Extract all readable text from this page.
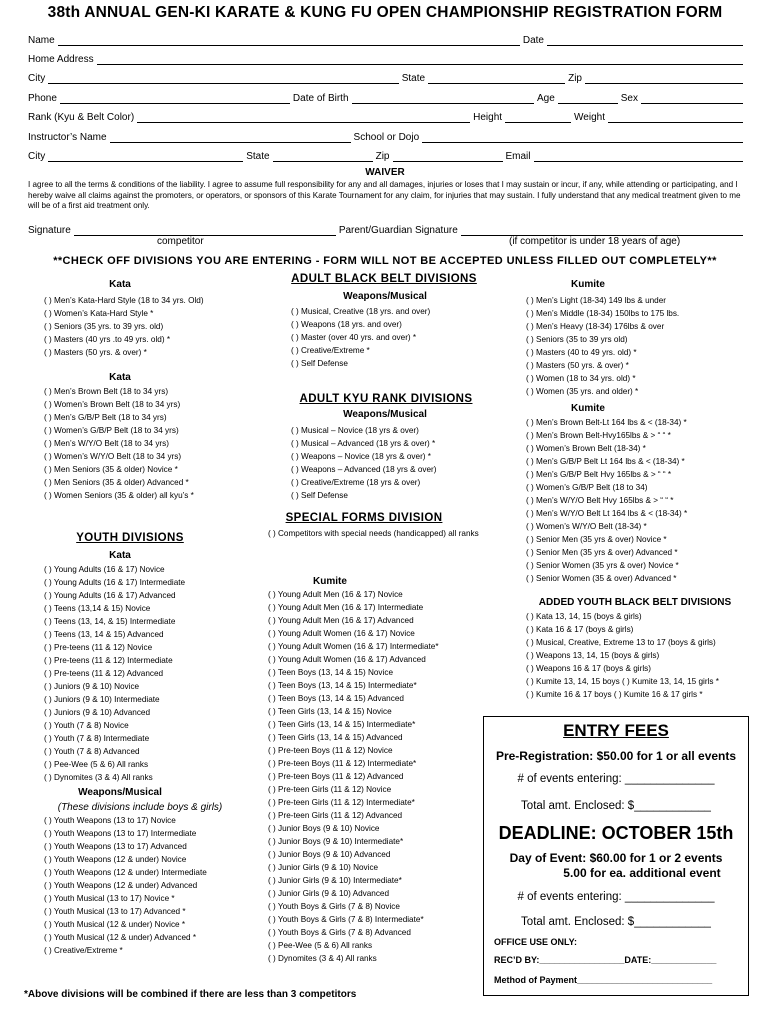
38th ANNUAL GEN-KI KARATE & KUNG FU OPEN CHAMPIONSHIP REGISTRATION FORM
Name	Date
Home Address
City	State	Zip
Phone	Date of Birth	Age	Sex
Rank (Kyu & Belt Color)	Height	Weight
Instructor’s Name	School or Dojo
City	State	Zip	Email
WAIVER
I agree to all the terms & conditions of the liability. I agree to assume full responsibility for any and all damages, injuries or loses that I may sustain or incur, if any, while attending or participating, and I hereby waive all claims against the promoters, or operators, or sponsors of this Karate Tournament for any claim, for injuries that may sustain. I fully understand that any medical treatment given to me will be of a first aid treatment only.
Signature	Parent/Guardian Signature
competitor	(if competitor is under 18 years of age)
**CHECK OFF DIVISIONS YOU ARE ENTERING - FORM WILL NOT BE ACCEPTED UNLESS FILLED OUT COMPLETELY**
Kata
( ) Men’s Kata-Hard Style (18 to 34 yrs. Old)
( ) Women’s Kata-Hard Style *
( ) Seniors (35 yrs. to 39 yrs. old)
( ) Masters (40 yrs .to 49 yrs. old) *
( ) Masters (50 yrs. & over) *
Kata
( ) Men’s Brown Belt (18 to 34 yrs)
( ) Women’s Brown Belt (18 to 34 yrs)
( ) Men’s G/B/P Belt (18 to 34 yrs)
( ) Women’s G/B/P Belt (18 to 34 yrs)
( ) Men’s W/Y/O Belt (18 to 34 yrs)
( ) Women’s W/Y/O Belt (18 to 34 yrs)
( ) Men Seniors (35 & older) Novice *
( ) Men Seniors (35 & older) Advanced *
( ) Women Seniors (35 & older) all kyu’s *
YOUTH DIVISIONS
Kata
( ) Young Adults (16 & 17) Novice
( ) Young Adults (16 & 17) Intermediate
( ) Young Adults (16 & 17) Advanced
( ) Teens (13,14 & 15) Novice
( ) Teens (13, 14, & 15) Intermediate
( ) Teens (13, 14 & 15) Advanced
( ) Pre-teens (11 & 12) Novice
( ) Pre-teens (11 & 12) Intermediate
( ) Pre-teens (11 & 12) Advanced
( ) Juniors (9 & 10) Novice
( ) Juniors (9 & 10) Intermediate
( ) Juniors (9 & 10) Advanced
( ) Youth (7 & 8) Novice
( ) Youth (7 & 8) Intermediate
( ) Youth (7 & 8) Advanced
( ) Pee-Wee (5 & 6) All ranks
( ) Dynomites (3 & 4) All ranks
Weapons/Musical
(These divisions include boys & girls)
( ) Youth Weapons (13 to 17) Novice
( ) Youth Weapons (13 to 17) Intermediate
( ) Youth Weapons (13 to 17) Advanced
( ) Youth Weapons (12 & under) Novice
( ) Youth Weapons (12 & under) Intermediate
( ) Youth Weapons (12 & under) Advanced
( ) Youth Musical (13 to 17) Novice *
( ) Youth Musical (13 to 17) Advanced *
( ) Youth Musical (12 & under) Novice *
( ) Youth Musical (12 & under) Advanced *
( ) Creative/Extreme *
ADULT BLACK BELT DIVISIONS
Weapons/Musical
( ) Musical, Creative (18 yrs. and over)
( ) Weapons (18 yrs. and over)
( ) Master (over 40 yrs. and over) *
( ) Creative/Extreme *
( ) Self Defense
ADULT KYU RANK DIVISIONS
Weapons/Musical
( ) Musical – Novice (18 yrs & over)
( ) Musical – Advanced (18 yrs & over) *
( ) Weapons – Novice (18 yrs & over) *
( ) Weapons – Advanced (18 yrs & over)
( ) Creative/Extreme (18 yrs & over)
( ) Self Defense
SPECIAL FORMS DIVISION
( ) Competitors with special needs (handicapped) all ranks
Kumite
( ) Young Adult Men (16 & 17) Novice
( ) Young Adult Men (16 & 17) Intermediate
( ) Young Adult Men (16 & 17) Advanced
( ) Young Adult Women (16 & 17) Novice
( ) Young Adult Women (16 & 17) Intermediate*
( ) Young Adult Women (16 & 17) Advanced
( ) Teen Boys (13, 14 & 15) Novice
( ) Teen Boys (13, 14 & 15) Intermediate*
( ) Teen Boys (13, 14 & 15) Advanced
( ) Teen Girls (13, 14 & 15) Novice
( ) Teen Girls (13, 14 & 15) Intermediate*
( ) Teen Girls (13, 14 & 15) Advanced
( ) Pre-teen Boys (11 & 12) Novice
( ) Pre-teen Boys (11 & 12) Intermediate*
( ) Pre-teen Boys (11 & 12) Advanced
( ) Pre-teen Girls (11 & 12) Novice
( ) Pre-teen Girls (11 & 12) Intermediate*
( ) Pre-teen Girls (11 & 12) Advanced
( ) Junior Boys (9 & 10) Novice
( ) Junior Boys (9 & 10) Intermediate*
( ) Junior Boys (9 & 10) Advanced
( ) Junior Girls (9 & 10) Novice
( ) Junior Girls (9 & 10) Intermediate*
( ) Junior Girls (9 & 10) Advanced
( ) Youth Boys & Girls (7 & 8) Novice
( ) Youth Boys & Girls (7 & 8) Intermediate*
( ) Youth Boys & Girls (7 & 8) Advanced
( ) Pee-Wee (5 & 6) All ranks
( ) Dynomites (3 & 4) All ranks
Kumite
( ) Men’s Light (18-34) 149 lbs & under
( ) Men’s Middle (18-34) 150lbs to 175 lbs.
( ) Men’s Heavy (18-34) 176lbs & over
( ) Seniors (35 to 39 yrs old)
( ) Masters (40 to 49 yrs. old) *
( ) Masters (50 yrs. & over) *
( ) Women (18 to 34 yrs. old) *
( ) Women (35 yrs. and older) *
Kumite
( ) Men’s Brown Belt-Lt 164 lbs & < (18-34) *
( ) Men’s Brown Belt-Hvy165lbs & > “ “ *
( ) Women’s Brown Belt (18-34) *
( ) Men’s G/B/P Belt Lt 164 lbs & < (18-34) *
( ) Men’s G/B/P Belt Hvy 165lbs & > “ “ *
( ) Women’s G/B/P Belt (18 to 34)
( ) Men’s W/Y/O Belt Hvy 165lbs & > “ “ *
( ) Men’s W/Y/O Belt Lt 164 lbs & < (18-34) *
( ) Women’s W/Y/O Belt (18-34) *
( ) Senior Men (35 yrs & over) Novice *
( ) Senior Men (35 yrs & over) Advanced *
( ) Senior Women (35 yrs & over) Novice *
( ) Senior Women (35 & over) Advanced *
ADDED YOUTH BLACK BELT DIVISIONS
( ) Kata 13, 14, 15 (boys & girls)
( ) Kata 16 & 17 (boys & girls)
( ) Musical, Creative, Extreme 13 to 17 (boys & girls)
( ) Weapons 13, 14, 15 (boys & girls)
( ) Weapons 16 & 17 (boys & girls)
( ) Kumite 13, 14, 15 boys ( ) Kumite 13, 14, 15 girls *
( ) Kumite 16 & 17 boys ( ) Kumite 16 & 17 girls *
ENTRY FEES
Pre-Registration: $50.00 for 1 or all events
# of events entering: ______________
Total amt. Enclosed: $____________
DEADLINE: OCTOBER 15th
Day of Event: $60.00 for 1 or 2 events
5.00 for ea. additional event
# of events entering: ______________
Total amt. Enclosed: $____________
OFFICE USE ONLY:
REC’D BY:_________________DATE:_____________
Method of Payment___________________________
*Above divisions will be combined if there are less than 3 competitors
